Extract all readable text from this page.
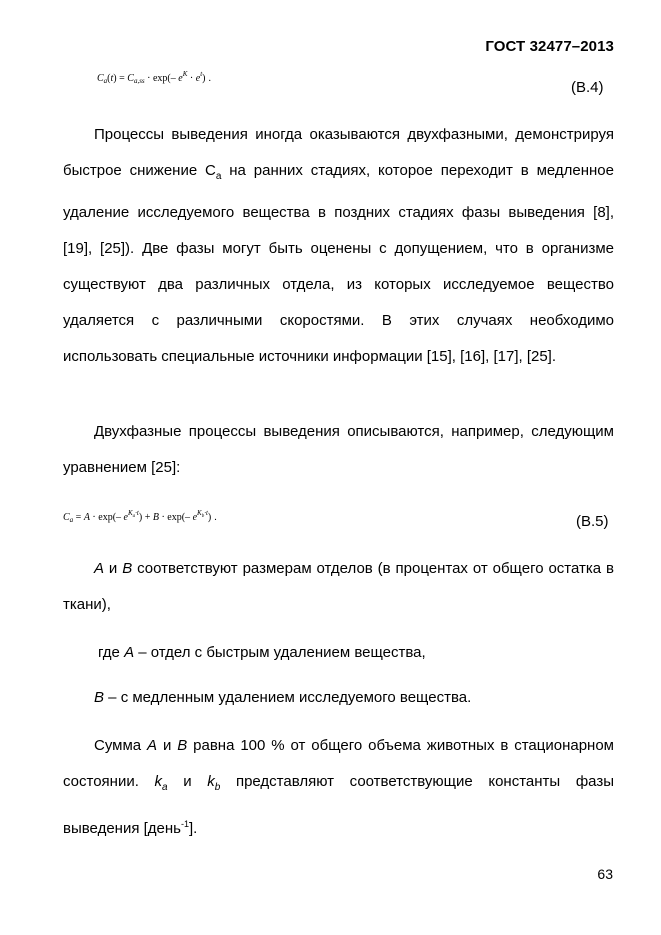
ГОСТ 32477–2013
$C_a(t) = C_{a,ss} \cdot \exp(-$ $e^K \cdot e^t$) .
(В.4)
Процессы выведения иногда оказываются двухфазными, демонстрируя быстрое снижение $C_a$ на ранних стадиях, которое переходит в медленное удаление исследуемого вещества в поздних стадиях фазы выведения [8], [19], [25]). Две фазы могут быть оценены с допущением, что в организме существуют два различных отдела, из которых исследуемое вещество удаляется с различными скоростями. В этих случаях необходимо использовать специальные источники информации [15], [16], [17], [25].
Двухфазные процессы выведения описываются, например, следующим уравнением [25]:
$C_a = A \cdot \exp(-$ $e^{K_a\cdot t}) + B \cdot \exp(-$ $e^{K_b\cdot t}$) .	(В.5)
A и B соответствуют размерам отделов (в процентах от общего остатка в ткани),
где A – отдел с быстрым удалением вещества,
B – с медленным удалением исследуемого вещества.
Сумма A и B равна 100 % от общего объема животных в стационарном состоянии. $k_a$ и $k_b$ представляют соответствующие константы фазы выведения [день$^{-1}$].
63
